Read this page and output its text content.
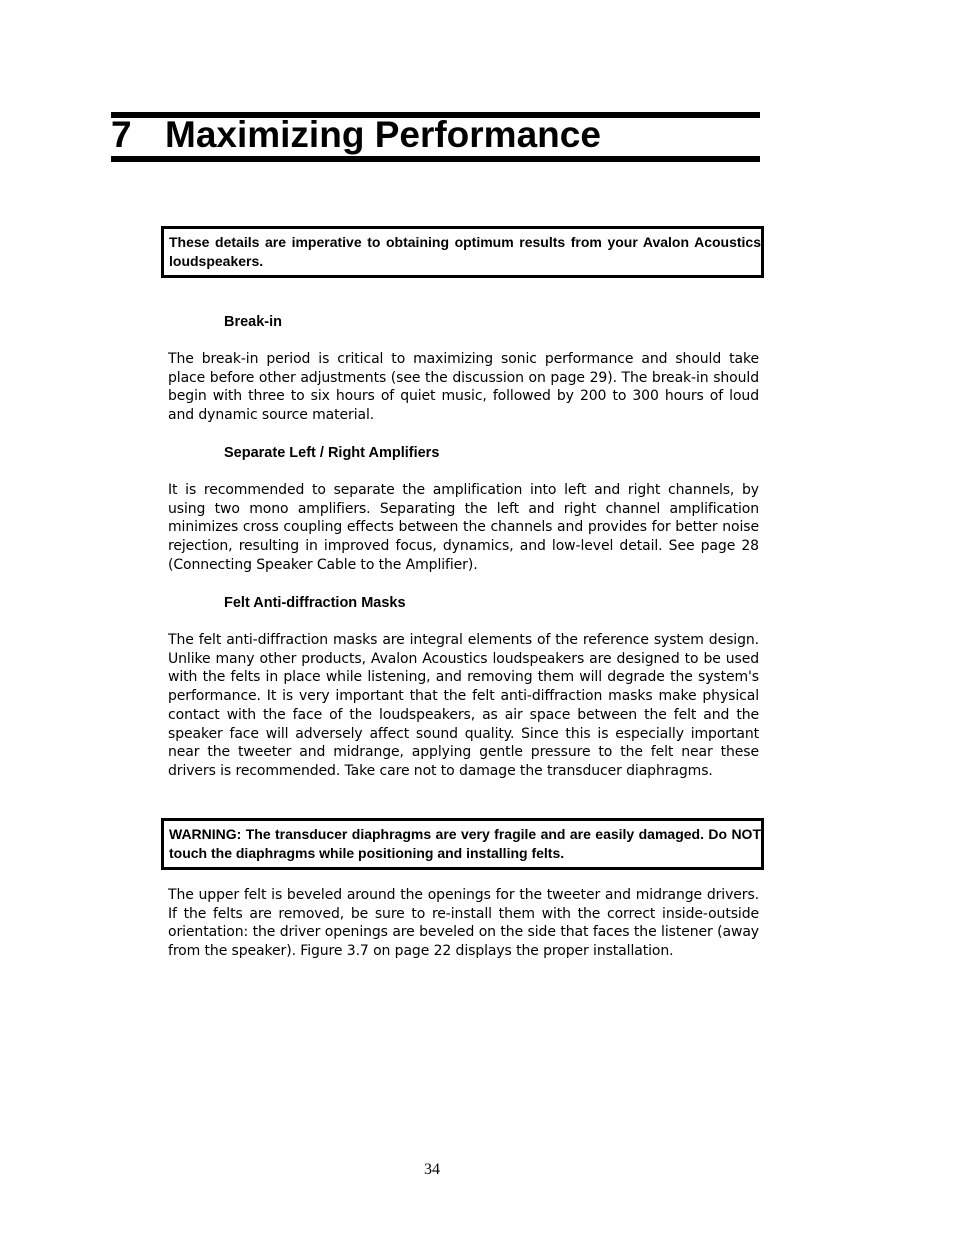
7 Maximizing Performance
These details are imperative to obtaining optimum results from your Avalon Acoustics loudspeakers.
Break-in

The break-in period is critical to maximizing sonic performance and should take place before other adjustments (see the discussion on page 29). The break-in should begin with three to six hours of quiet music, followed by 200 to 300 hours of loud and dynamic source material.

Separate Left / Right Amplifiers

It is recommended to separate the amplification into left and right channels, by using two mono amplifiers. Separating the left and right channel amplification minimizes cross coupling effects between the channels and provides for better noise rejection, resulting in improved focus, dynamics, and low-level detail. See page 28 (Connecting Speaker Cable to the Amplifier).

Felt Anti-diffraction Masks

The felt anti-diffraction masks are integral elements of the reference system design. Unlike many other products, Avalon Acoustics loudspeakers are designed to be used with the felts in place while listening, and removing them will degrade the system's performance. It is very important that the felt anti-diffraction masks make physical contact with the face of the loudspeakers, as air space between the felt and the speaker face will adversely affect sound quality. Since this is especially important near the tweeter and midrange, applying gentle pressure to the felt near these drivers is recommended. Take care not to damage the transducer diaphragms.

WARNING: The transducer diaphragms are very fragile and are easily damaged. Do NOT touch the diaphragms while positioning and installing felts.

The upper felt is beveled around the openings for the tweeter and midrange drivers. If the felts are removed, be sure to re-install them with the correct inside-outside orientation: the driver openings are beveled on the side that faces the listener (away from the speaker). Figure 3.7 on page 22 displays the proper installation.

34
